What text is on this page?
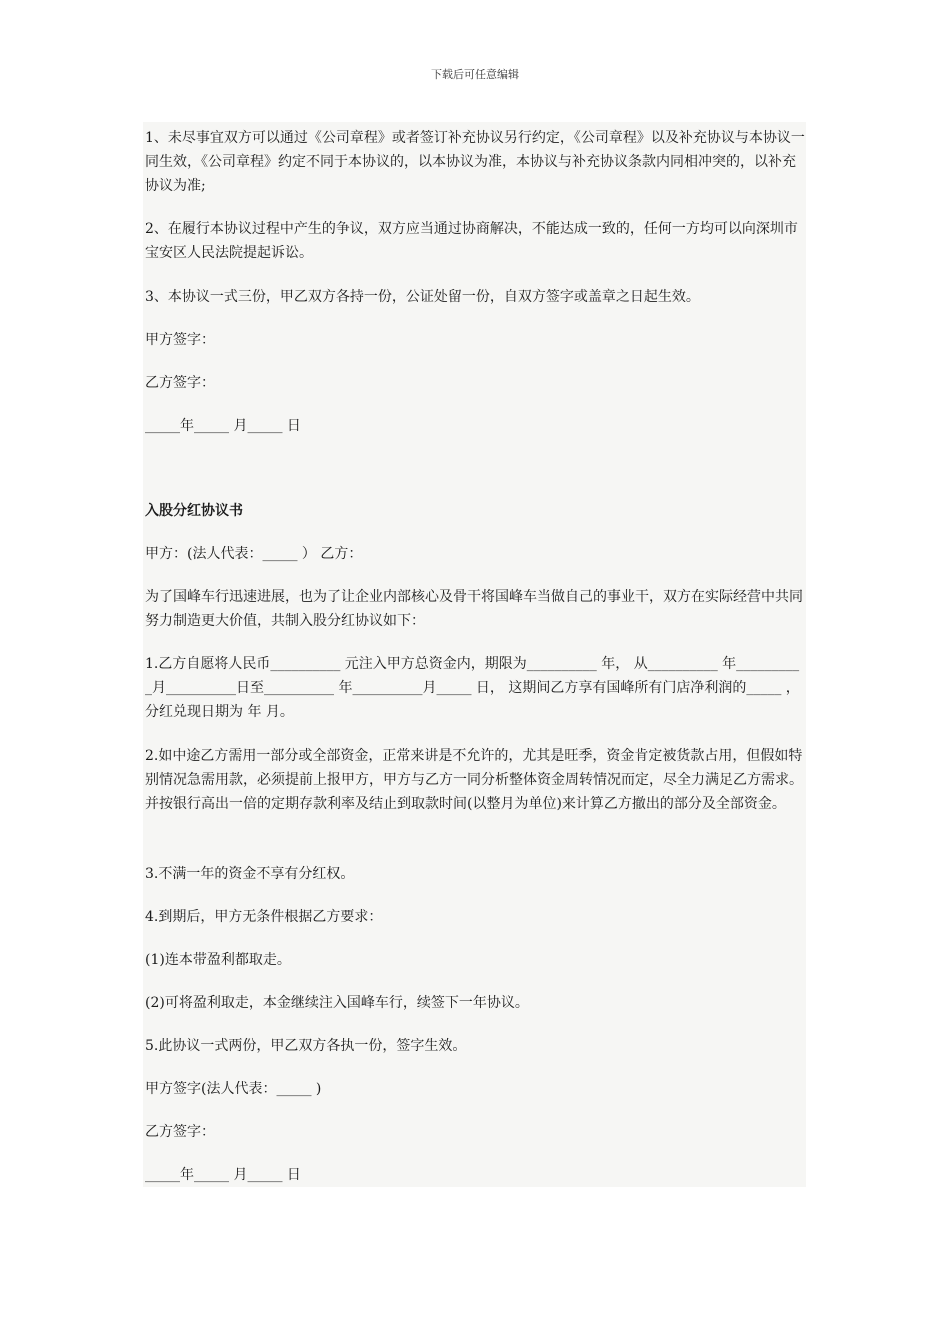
下载后可任意编辑

1、未尽事宜双方可以通过《公司章程》或者签订补充协议另行约定，《公司章程》以及补充协议与本协议一同生效，《公司章程》约定不同于本协议的，以本协议为准，本协议与补充协议条款内同相冲突的，以补充协议为准;

2、在履行本协议过程中产生的争议，双方应当通过协商解决，不能达成一致的，任何一方均可以向深圳市宝安区人民法院提起诉讼。

3、本协议一式三份，甲乙双方各持一份，公证处留一份，自双方签字或盖章之日起生效。

甲方签字：

乙方签字：

_____年_____ 月_____ 日

入股分红协议书

甲方：(法人代表：_____ ） 乙方：

为了国峰车行迅速进展，也为了让企业内部核心及骨干将国峰车当做自己的事业干，双方在实际经营中共同努力制造更大价值，共制入股分红协议如下：

1.乙方自愿将人民币__________ 元注入甲方总资金内，期限为__________ 年， 从__________ 年__________月__________日至__________ 年__________月_____ 日， 这期间乙方享有国峰所有门店净利润的_____ ，分红兑现日期为 年 月。

2.如中途乙方需用一部分或全部资金，正常来讲是不允许的，尤其是旺季，资金肯定被货款占用，但假如特别情况急需用款，必须提前上报甲方，甲方与乙方一同分析整体资金周转情况而定，尽全力满足乙方需求。并按银行高出一倍的定期存款利率及结止到取款时间(以整月为单位)来计算乙方撤出的部分及全部资金。

3.不满一年的资金不享有分红权。

4.到期后，甲方无条件根据乙方要求：

(1)连本带盈利都取走。

(2)可将盈利取走，本金继续注入国峰车行，续签下一年协议。

5.此协议一式两份，甲乙双方各执一份，签字生效。

甲方签字(法人代表：_____ )

乙方签字：

_____年_____ 月_____ 日
